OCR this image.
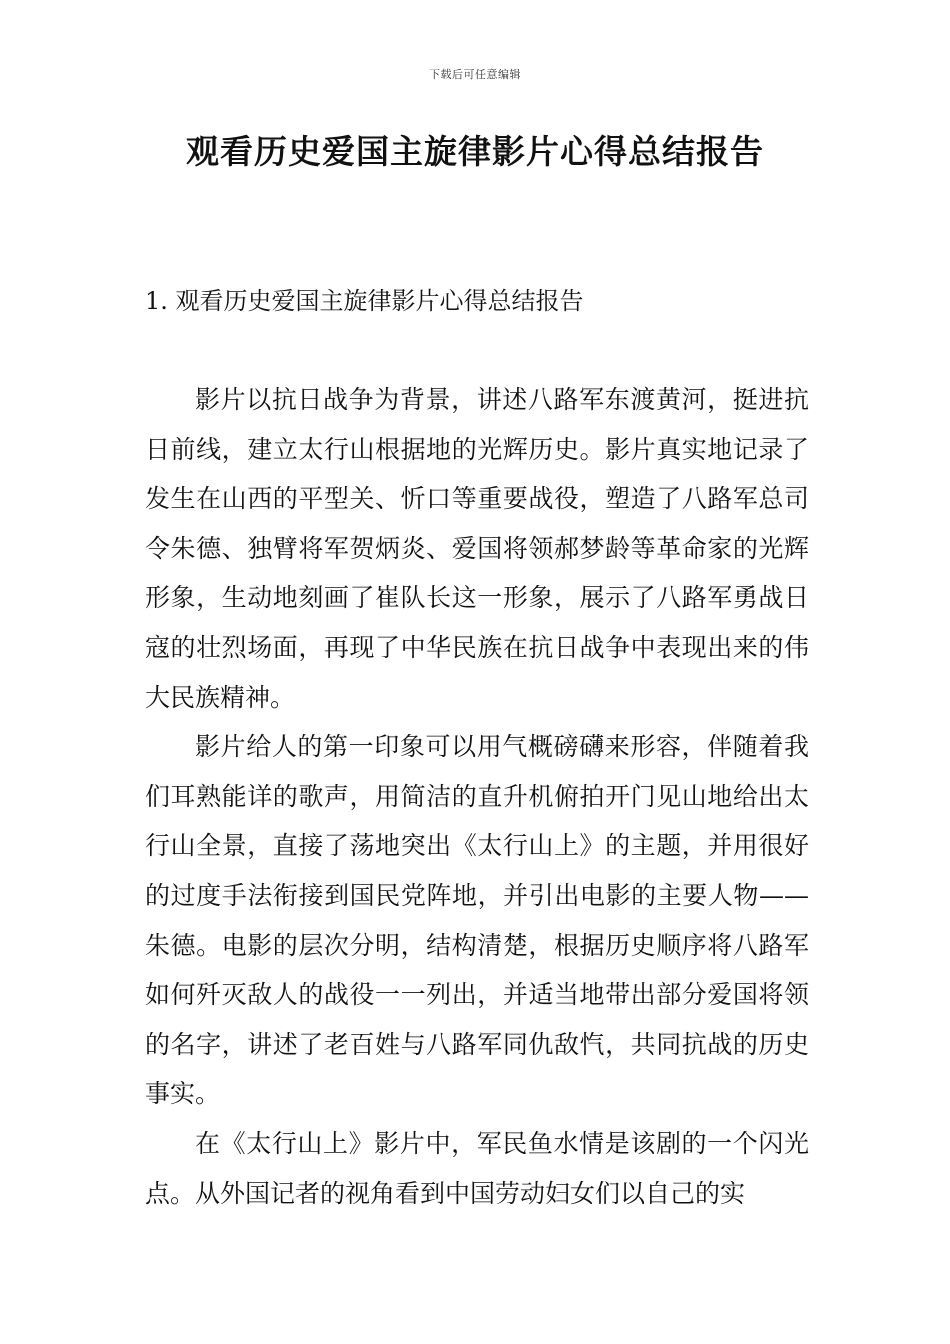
下载后可任意编辑
观看历史爱国主旋律影片心得总结报告
1. 观看历史爱国主旋律影片心得总结报告

影片以抗日战争为背景，讲述八路军东渡黄河，挺进抗日前线，建立太行山根据地的光辉历史。影片真实地记录了发生在山西的平型关、忻口等重要战役，塑造了八路军总司令朱德、独臂将军贺炳炎、爱国将领郝梦龄等革命家的光辉形象，生动地刻画了崔队长这一形象，展示了八路军勇战日寇的壮烈场面，再现了中华民族在抗日战争中表现出来的伟大民族精神。

影片给人的第一印象可以用气概磅礴来形容，伴随着我们耳熟能详的歌声，用简洁的直升机俯拍开门见山地给出太行山全景，直接了荡地突出《太行山上》的主题，并用很好的过度手法衔接到国民党阵地，并引出电影的主要人物——朱德。电影的层次分明，结构清楚，根据历史顺序将八路军如何歼灭敌人的战役一一列出，并适当地带出部分爱国将领的名字，讲述了老百姓与八路军同仇敌忾，共同抗战的历史事实。

在《太行山上》影片中，军民鱼水情是该剧的一个闪光点。从外国记者的视角看到中国劳动妇女们以自己的实
